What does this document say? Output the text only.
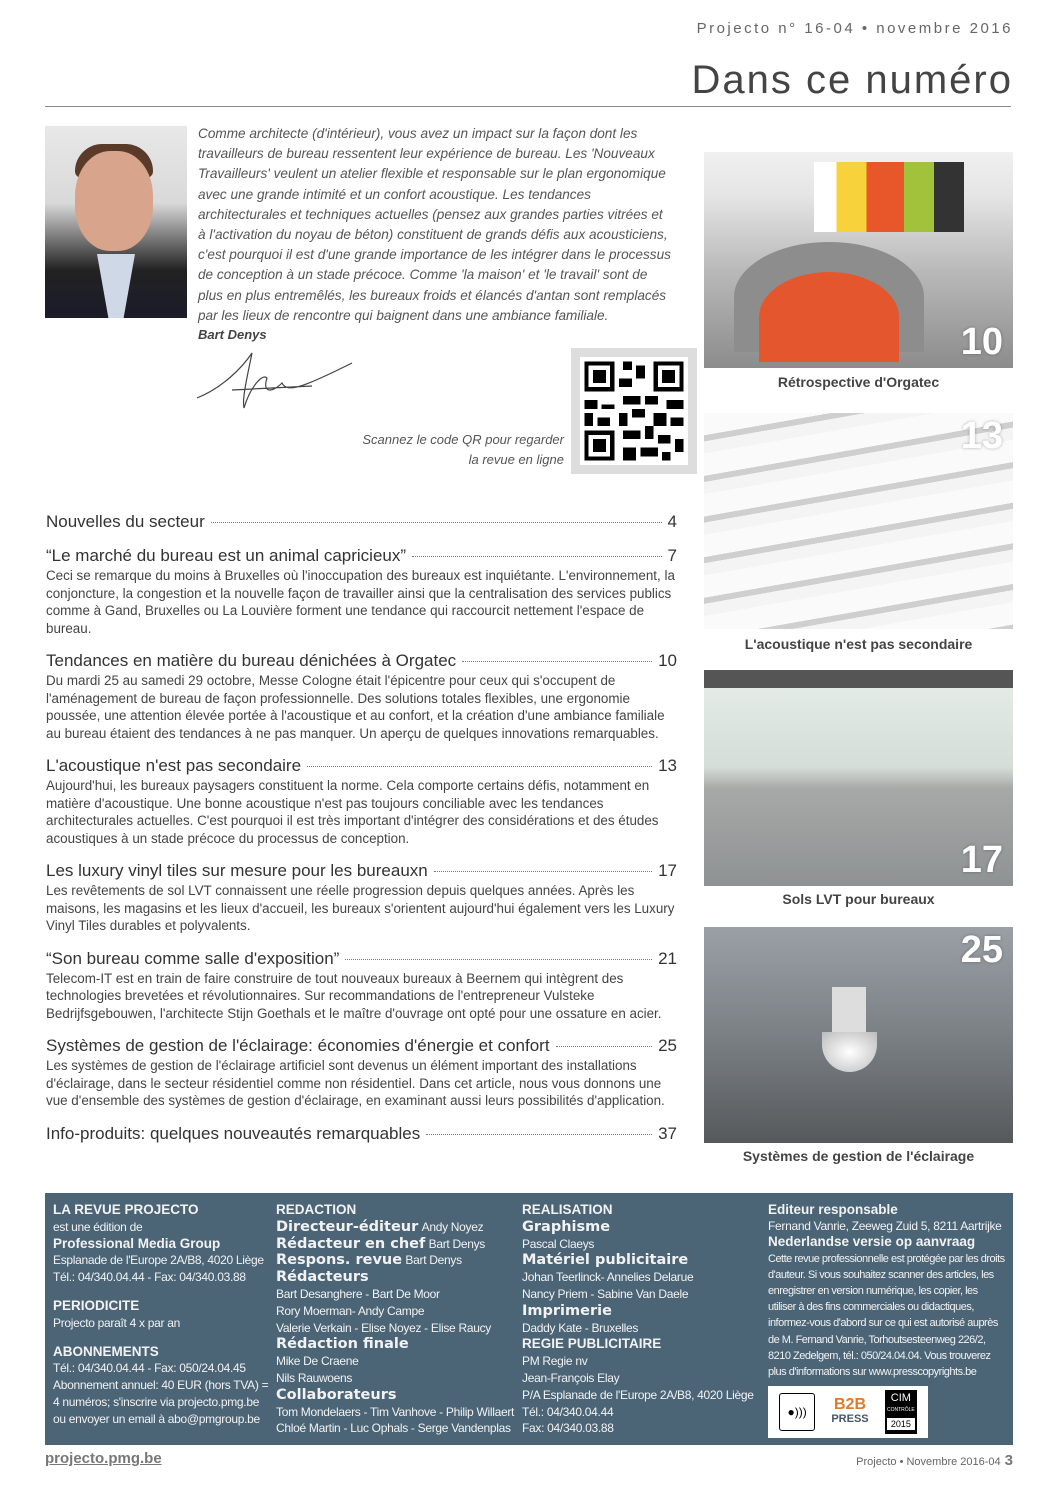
Projecto n° 16-04 • novembre 2016
Dans ce numéro
Comme architecte (d'intérieur), vous avez un impact sur la façon dont les travailleurs de bureau ressentent leur expérience de bureau. Les 'Nouveaux Travailleurs' veulent un atelier flexible et responsable sur le plan ergonomique avec une grande intimité et un confort acoustique. Les tendances architecturales et techniques actuelles (pensez aux grandes parties vitrées et à l'activation du noyau de béton) constituent de grands défis aux acousticiens, c'est pourquoi il est d'une grande importance de les intégrer dans le processus de conception à un stade précoce. Comme 'la maison' et 'le travail' sont de plus en plus entremêlés, les bureaux froids et élancés d'antan sont remplacés par les lieux de rencontre qui baignent dans une ambiance familiale.
Bart Denys
Scannez le code QR pour regarder la revue en ligne
Nouvelles du secteur	4
“Le marché du bureau est un animal capricieux”	7
Ceci se remarque du moins à Bruxelles où l'inoccupation des bureaux est inquiétante. L'environnement, la conjoncture, la congestion et la nouvelle façon de travailler ainsi que la centralisation des services publics comme à Gand, Bruxelles ou La Louvière forment une tendance qui raccourcit nettement l'espace de bureau.
Tendances en matière du bureau dénichées à Orgatec	10
Du mardi 25 au samedi 29 octobre, Messe Cologne était l'épicentre pour ceux qui s'occupent de l'aménagement de bureau de façon professionnelle. Des solutions totales flexibles, une ergonomie poussée, une attention élevée portée à l'acoustique et au confort, et la création d'une ambiance familiale au bureau étaient des tendances à ne pas manquer. Un aperçu de quelques innovations remarquables.
L'acoustique n'est pas secondaire	13
Aujourd'hui, les bureaux paysagers constituent la norme. Cela comporte certains défis, notamment en matière d'acoustique. Une bonne acoustique n'est pas toujours conciliable avec les tendances architecturales actuelles. C'est pourquoi il est très important d'intégrer des considérations et des études acoustiques à un stade précoce du processus de conception.
Les luxury vinyl tiles sur mesure pour les bureauxn	17
Les revêtements de sol LVT connaissent une réelle progression depuis quelques années. Après les maisons, les magasins et les lieux d'accueil, les bureaux s'orientent aujourd'hui également vers les Luxury Vinyl Tiles durables et polyvalents.
“Son bureau comme salle d'exposition”	21
Telecom-IT est en train de faire construire de tout nouveaux bureaux à Beernem qui intègrent des technologies brevetées et révolutionnaires. Sur recommandations de l'entrepreneur Vulsteke Bedrijfsgebouwen, l'architecte Stijn Goethals et le maître d'ouvrage ont opté pour une ossature en acier.
Systèmes de gestion de l'éclairage: économies d'énergie et confort	25
Les systèmes de gestion de l'éclairage artificiel sont devenus un élément important des installations d'éclairage, dans le secteur résidentiel comme non résidentiel. Dans cet article, nous vous donnons une vue d'ensemble des systèmes de gestion d'éclairage, en examinant aussi leurs possibilités d'application.
Info-produits: quelques nouveautés remarquables	37
10
Rétrospective d'Orgatec
13
L'acoustique n'est pas secondaire
17
Sols LVT pour bureaux
25
Systèmes de gestion de l'éclairage
LA REVUE PROJECTO
est une édition de
Professional Media Group
Esplanade de l'Europe 2A/B8, 4020 Liège
Tél.: 04/340.04.44 - Fax: 04/340.03.88
PERIODICITE
Projecto paraît 4 x par an
ABONNEMENTS
Tél.: 04/340.04.44 - Fax: 050/24.04.45
Abonnement annuel: 40 EUR (hors TVA) =
4 numéros; s'inscrire via projecto.pmg.be
ou envoyer un email à abo@pmgroup.be
REDACTION
Directeur-éditeur Andy Noyez
Rédacteur en chef Bart Denys
Respons. revue Bart Denys
Rédacteurs
Bart Desanghere - Bart De Moor
Rory Moerman- Andy Campe
Valerie Verkain - Elise Noyez - Elise Raucy
Rédaction finale
Mike De Craene
Nils Rauwoens
Collaborateurs
Tom Mondelaers - Tim Vanhove - Philip Willaert
Chloé Martin - Luc Ophals - Serge Vandenplas
REALISATION
Graphisme
Pascal Claeys
Matériel publicitaire
Johan Teerlinck- Annelies Delarue
Nancy Priem - Sabine Van Daele
Imprimerie
Daddy Kate - Bruxelles
REGIE PUBLICITAIRE
PM Regie nv
Jean-François Elay
P/A Esplanade de l'Europe 2A/B8, 4020 Liège
Tél.: 04/340.04.44
Fax: 04/340.03.88
Editeur responsable
Fernand Vanrie, Zeeweg Zuid 5, 8211 Aartrijke
Nederlandse versie op aanvraag
Cette revue professionnelle est protégée par les droits d'auteur. Si vous souhaitez scanner des articles, les enregistrer en version numérique, les copier, les utiliser à des fins commerciales ou didactiques, informez-vous d'abord sur ce qui est autorisé auprès de M. Fernand Vanrie, Torhoutsesteenweg 226/2, 8210 Zedelgem, tél.: 050/24.04.04. Vous trouverez plus d'informations sur www.presscopyrights.be
●)))	B2B
PRESS
CIM
CONTRÔLE
2015
projecto.pmg.be	Projecto • Novembre 2016-04 3
